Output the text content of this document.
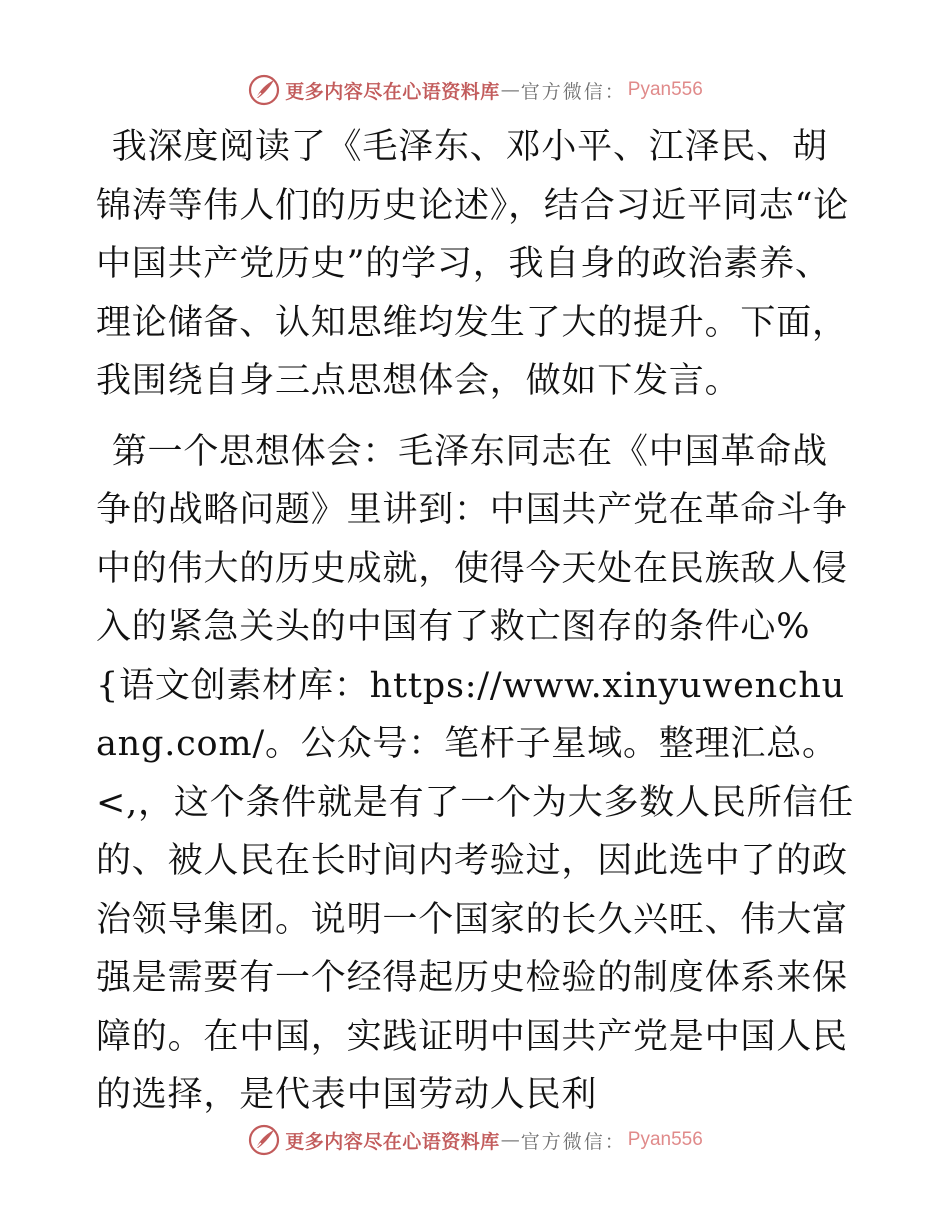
更多内容尽在心语资料库 — 官方微信 ： Pyan556

我深度阅读了《毛泽东、邓小平、江泽民、胡锦涛等伟人们的历史论述》，结合习近平同志“论中国共产党历史”的学习，我自身的政治素养、理论储备、认知思维均发生了大的提升。下面，我围绕自身三点思想体会，做如下发言。

第一个思想体会：毛泽东同志在《中国革命战争的战略问题》里讲到：中国共产党在革命斗争中的伟大的历史成就，使得今天处在民族敌人侵入的紧急关头的中国有了救亡图存的条件心%{语文创素材库：https://www.xinyuwenchuang.com/。公众号：笔杆子星域。整理汇总。<,，这个条件就是有了一个为大多数人民所信任的、被人民在长时间内考验过，因此选中了的政治领导集团。说明一个国家的长久兴旺、伟大富强是需要有一个经得起历史检验的制度体系来保障的。在中国，实践证明中国共产党是中国人民的选择，是代表中国劳动人民利

更多内容尽在心语资料库 — 官方微信 ： Pyan556
